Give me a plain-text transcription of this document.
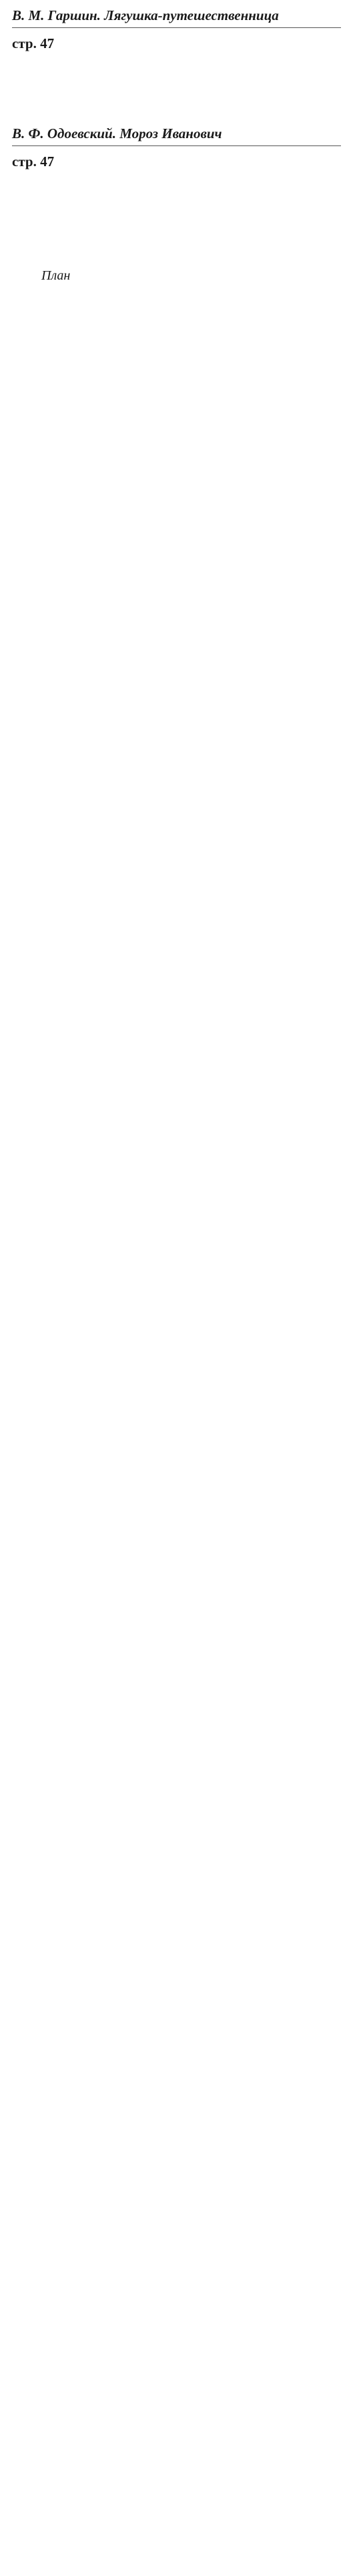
В. М. Гаршин. Лягушка-путешественница
стр. 47

В. Ф. Одоевский. Мороз Иванович
стр. 47

План
